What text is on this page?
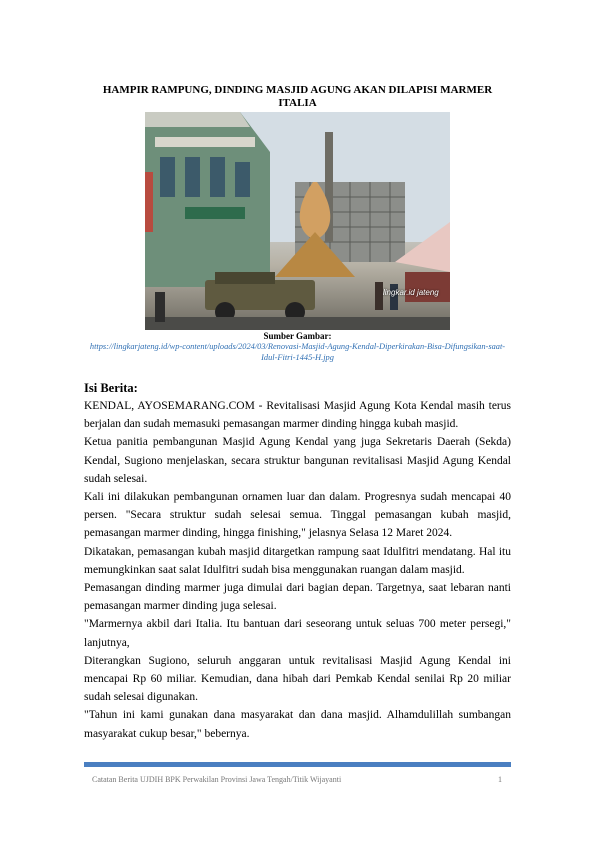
HAMPIR RAMPUNG, DINDING MASJID AGUNG AKAN DILAPISI MARMER ITALIA
lingkar.id jateng
Sumber Gambar:
https://lingkarjateng.id/wp-content/uploads/2024/03/Renovasi-Masjid-Agung-Kendal-Diperkirakan-Bisa-Difungsikan-saat-Idul-Fitri-1445-H.jpg
Isi Berita:

KENDAL, AYOSEMARANG.COM - Revitalisasi Masjid Agung Kota Kendal masih terus berjalan dan sudah memasuki pemasangan marmer dinding hingga kubah masjid.

Ketua panitia pembangunan Masjid Agung Kendal yang juga Sekretaris Daerah (Sekda) Kendal, Sugiono menjelaskan, secara struktur bangunan revitalisasi Masjid Agung Kendal sudah selesai.

Kali ini dilakukan pembangunan ornamen luar dan dalam. Progresnya sudah mencapai 40 persen. "Secara struktur sudah selesai semua. Tinggal pemasangan kubah masjid, pemasangan marmer dinding, hingga finishing," jelasnya Selasa 12 Maret 2024.

Dikatakan, pemasangan kubah masjid ditargetkan rampung saat Idulfitri mendatang. Hal itu memungkinkan saat salat Idulfitri sudah bisa menggunakan ruangan dalam masjid.

Pemasangan dinding marmer juga dimulai dari bagian depan. Targetnya, saat lebaran nanti pemasangan marmer dinding juga selesai.

"Marmernya akbil dari Italia. Itu bantuan dari seseorang untuk seluas 700 meter persegi," lanjutnya,

Diterangkan Sugiono, seluruh anggaran untuk revitalisasi Masjid Agung Kendal ini mencapai Rp 60 miliar. Kemudian, dana hibah dari Pemkab Kendal senilai Rp 20 miliar sudah selesai digunakan.

"Tahun ini kami gunakan dana masyarakat dan dana masjid. Alhamdulillah sumbangan masyarakat cukup besar," bebernya.

Catatan Berita UJDIH BPK Perwakilan Provinsi Jawa Tengah/Titik Wijayanti	1
